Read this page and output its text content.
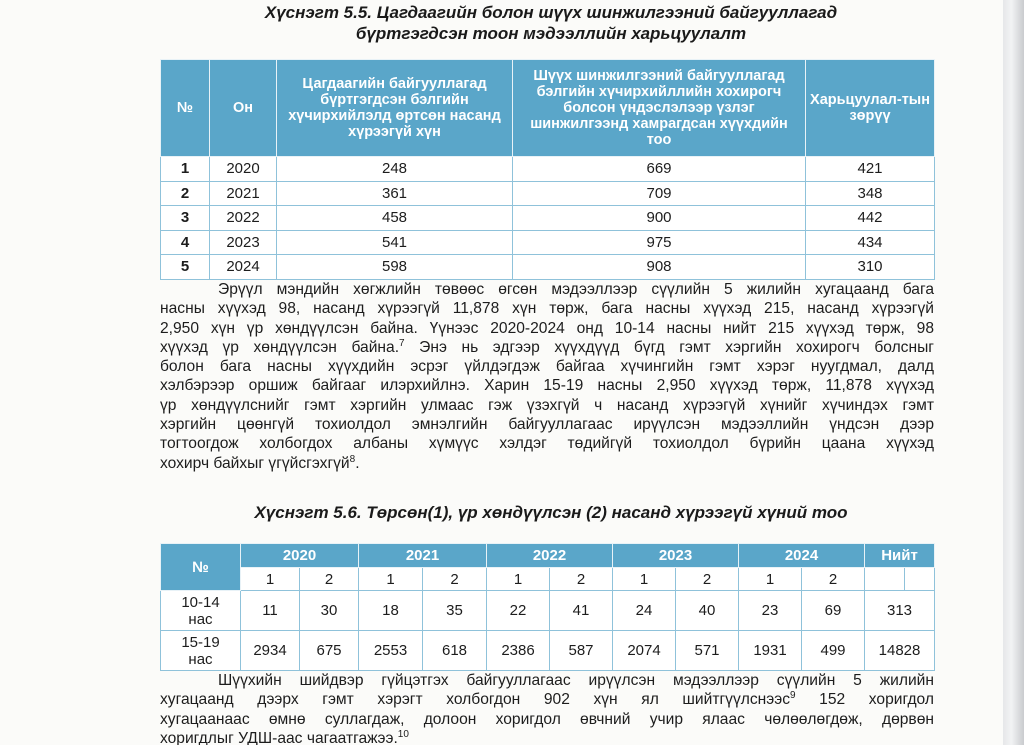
Хүснэгт 5.5. Цагдаагийн болон шүүх шинжилгээний байгууллагад
бүртгэгдсэн тоон мэдээллийн харьцуулалт
№	Он	Цагдаагийн байгууллагад бүртгэгдсэн бэлгийн хүчирхийлэлд өртсөн насанд хүрээгүй хүн	Шүүх шинжилгээний байгууллагад бэлгийн хүчирхийллийн хохирогч болсон үндэслэлээр үзлэг шинжилгээнд хамрагдсан хүүхдийн тоо	Харьцуулал-тын зөрүү
1	2020	248	669	421
2	2021	361	709	348
3	2022	458	900	442
4	2023	541	975	434
5	2024	598	908	310
Эрүүл мэндийн хөгжлийн төвөөс өгсөн мэдээллээр сүүлийн 5 жилийн хугацаанд бага
насны хүүхэд 98, насанд хүрээгүй 11,878 хүн төрж, бага насны хүүхэд 215, насанд хүрээгүй
2,950 хүн үр хөндүүлсэн байна. Үүнээс 2020-2024 онд 10-14 насны нийт 215 хүүхэд төрж, 98
хүүхэд үр хөндүүлсэн байна.$^7$ Энэ нь эдгээр хүүхдүүд бүгд гэмт хэргийн хохирогч болсныг
болон бага насны хүүхдийн эсрэг үйлдэгдэж байгаа хүчингийн гэмт хэрэг нуугдмал, далд
хэлбэрээр оршиж байгааг илэрхийлнэ. Харин 15-19 насны 2,950 хүүхэд төрж, 11,878 хүүхэд
үр хөндүүлснийг гэмт хэргийн улмаас гэж үзэхгүй ч насанд хүрээгүй хүнийг хүчиндэх гэмт
хэргийн цөөнгүй тохиолдол эмнэлгийн байгууллагаас ирүүлсэн мэдээллийн үндсэн дээр
тогтоогдож холбогдох албаны хүмүүс хэлдэг төдийгүй тохиолдол бүрийн цаана хүүхэд
хохирч байхыг үгүйсгэхгүй$^8$.
Хүснэгт 5.6. Төрсөн(1), үр хөндүүлсэн (2) насанд хүрээгүй хүний тоо
№	2020		2021		2022		2023		2024		Нийт	
	1	2	1	2	1	2	1	2	1	2		
10-14
нас	11	30	18	35	22	41	24	40	23	69	313	
15-19
нас	2934	675	2553	618	2386	587	2074	571	1931	499	14828	
Шүүхийн шийдвэр гүйцэтгэх байгууллагаас ирүүлсэн мэдээллээр сүүлийн 5 жилийн
хугацаанд дээрх гэмт хэрэгт холбогдон 902 хүн ял шийтгүүлснээс$^9$ 152 хоригдол
хугацаанаас өмнө суллагдаж, долоон хоригдол өвчний учир ялаас чөлөөлөгдөж, дөрвөн
хоригдлыг УДШ-аас чагаатгажээ.$^{10}$
